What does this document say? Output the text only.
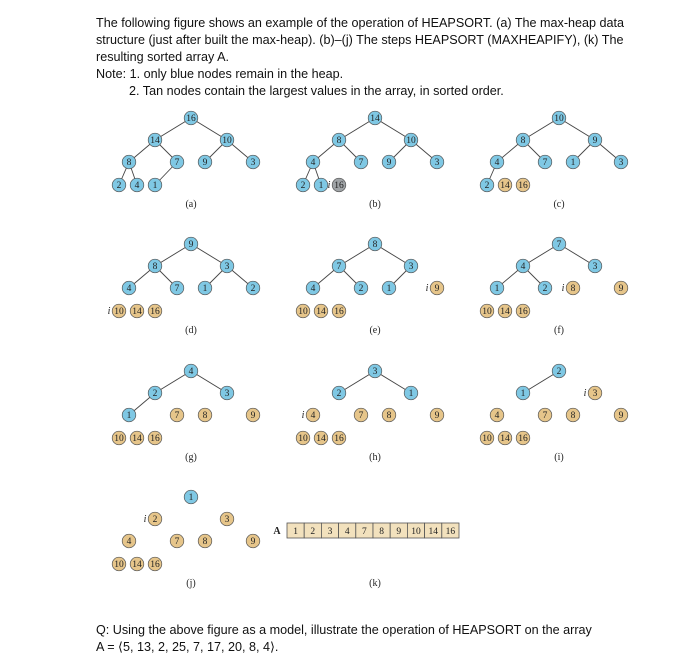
The following figure shows an example of the operation of HEAPSORT. (a) The max-heap data

structure (just after built the max-heap). (b)–(j) The steps HEAPSORT (MAXHEAPIFY), (k) The

resulting sorted array A.

Note: 1. only blue nodes remain in the heap.

2. Tan nodes contain the largest values in the array, in sorted order.

16
14	10
8	7 9	3
2 4 1
(a)
14
8	10
4	7 9	3
2 1 16
(b)
10
8	9
4	7 1	3
2 14 16
(c)
9
8	3
4	7 1	2
10 14 16
(d)
8
7	3
4	2 1	9
10 14 16
(e)
7
4	3
1	2 8	9
10 14 16
(f)
4
2	3
1	7 8	9
10 14 16
(g)
3
2	1
4	7 8	9
10 14 16
(h)
2
1	3
4	7 8	9
10 14 16
(i)
1
2	3
4	7 8	9
10 14 16
(j)
i
i
i	i
i
i
i
A 1 2 3 4 7 8 9 10 14 16
(k)

Q: Using the above figure as a model, illustrate the operation of HEAPSORT on the array

A = ⟨5, 13, 2, 25, 7, 17, 20, 8, 4⟩.
